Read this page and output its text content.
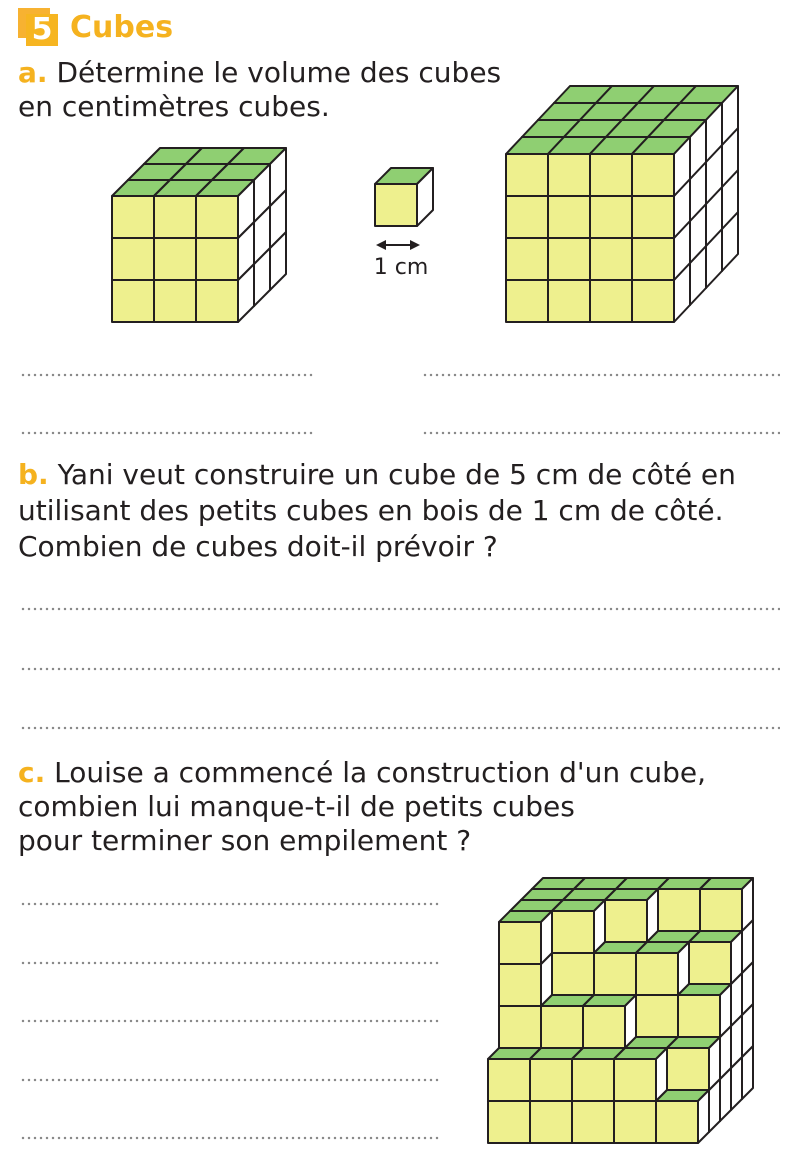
5 Cubes
a. Détermine le volume des cubes
en centimètres cubes.
1 cm
b. Yani veut construire un cube de 5 cm de côté en
utilisant des petits cubes en bois de 1 cm de côté.
Combien de cubes doit-il prévoir ?
c. Louise a commencé la construction d'un cube,
combien lui manque-t-il de petits cubes
pour terminer son empilement ?
